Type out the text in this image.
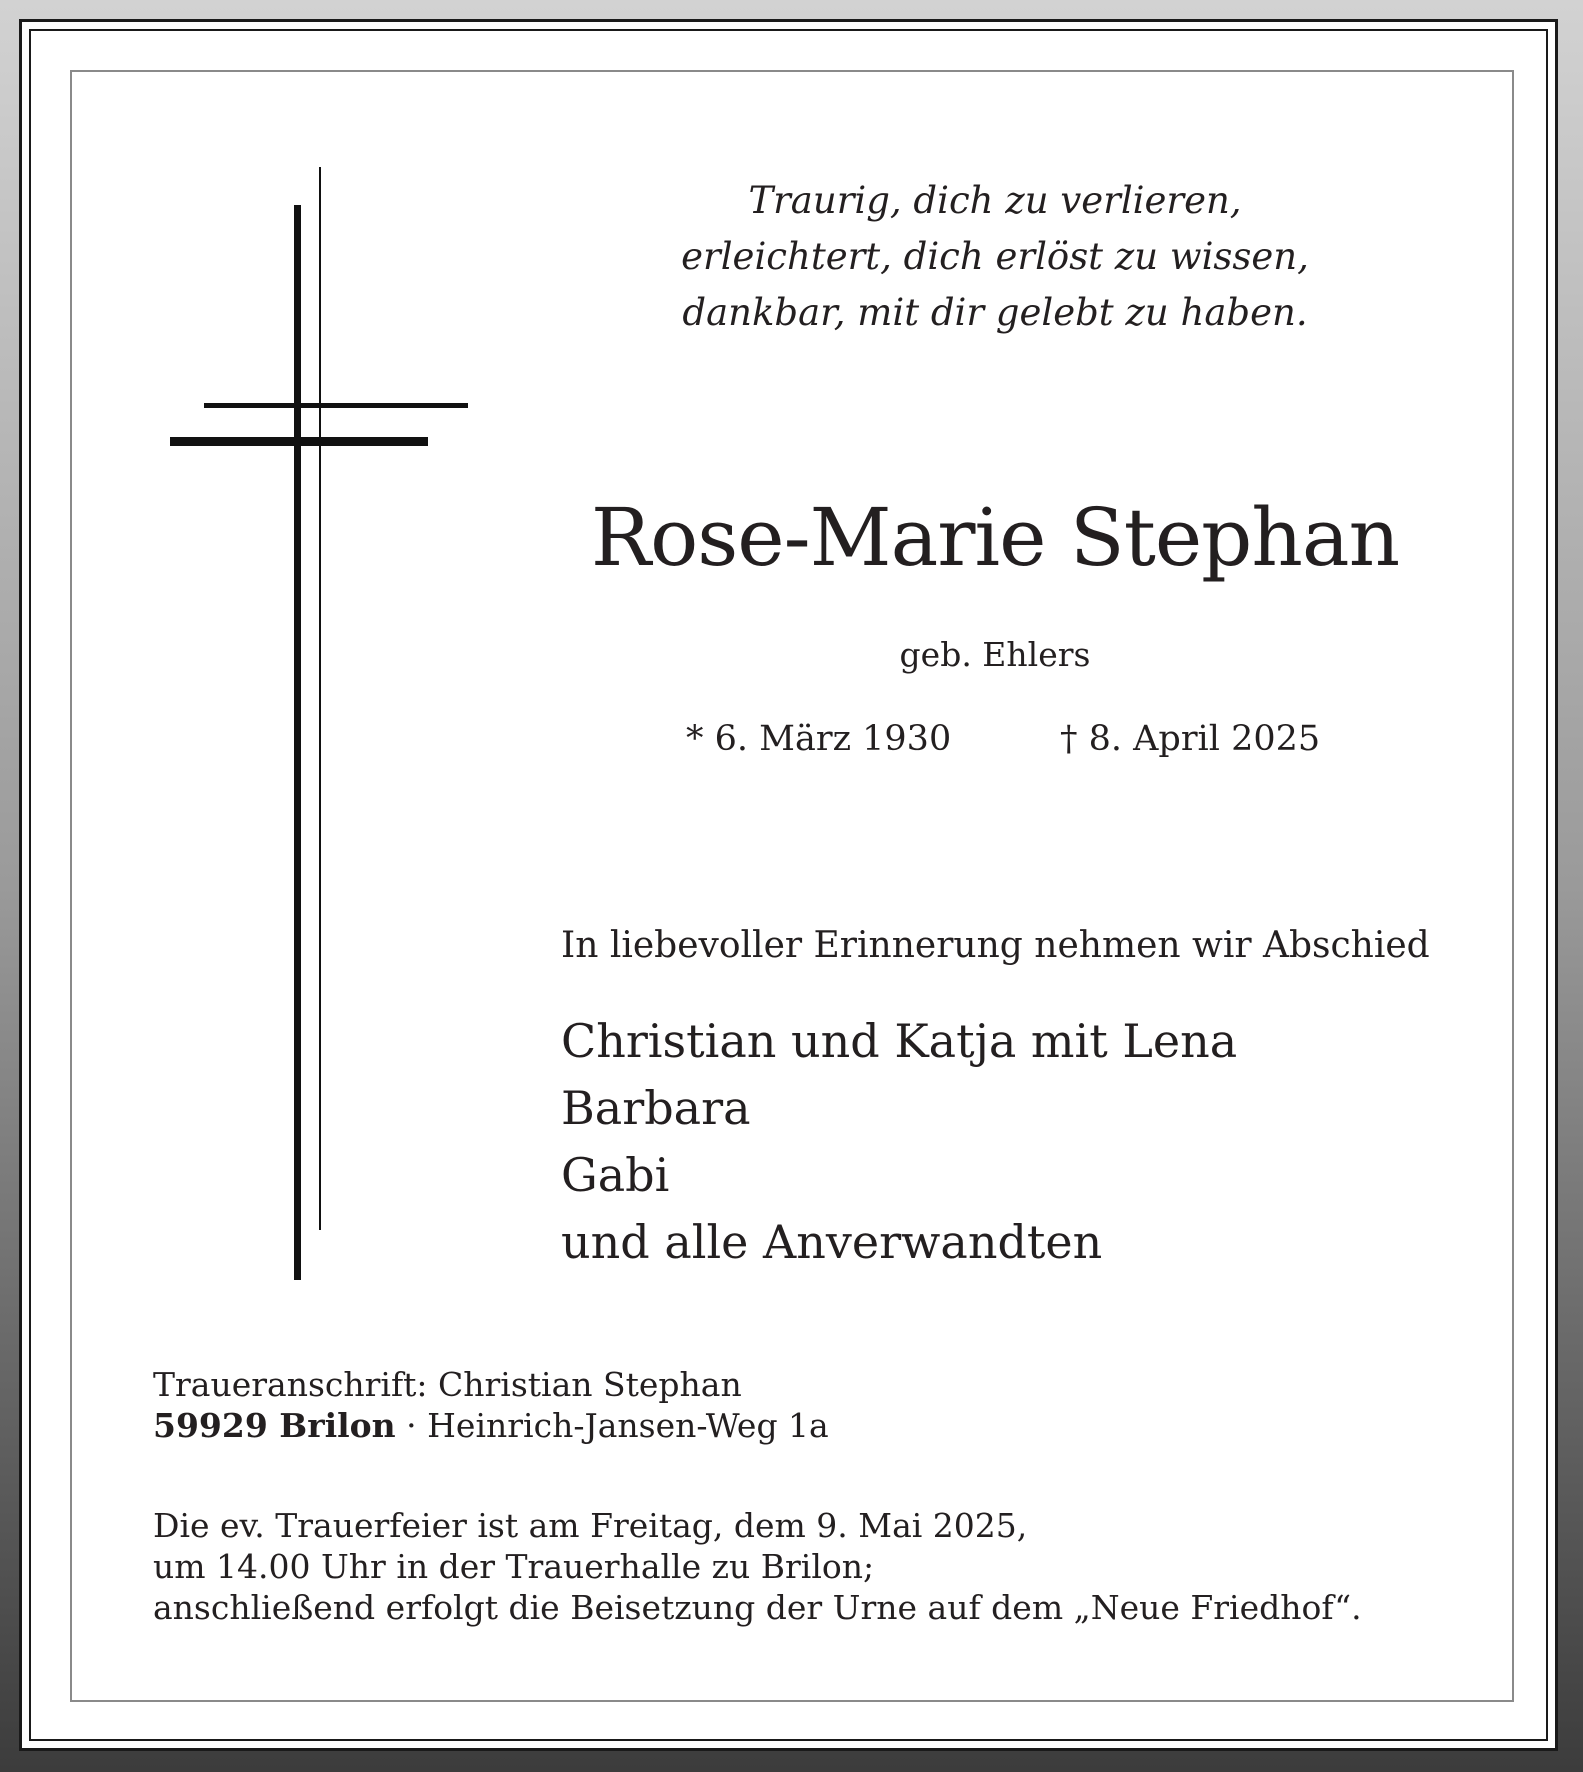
Traurig, dich zu verlieren,
erleichtert, dich erlöst zu wissen,
dankbar, mit dir gelebt zu haben.
Rose-Marie Stephan
geb. Ehlers
* 6. März 1930	† 8. April 2025
In liebevoller Erinnerung nehmen wir Abschied
Christian und Katja mit Lena
Barbara
Gabi
und alle Anverwandten
Traueranschrift: Christian Stephan
59929 Brilon · Heinrich-Jansen-Weg 1a
Die ev. Trauerfeier ist am Freitag, dem 9. Mai 2025,
um 14.00 Uhr in der Trauerhalle zu Brilon;
anschließend erfolgt die Beisetzung der Urne auf dem „Neue Friedhof“.
